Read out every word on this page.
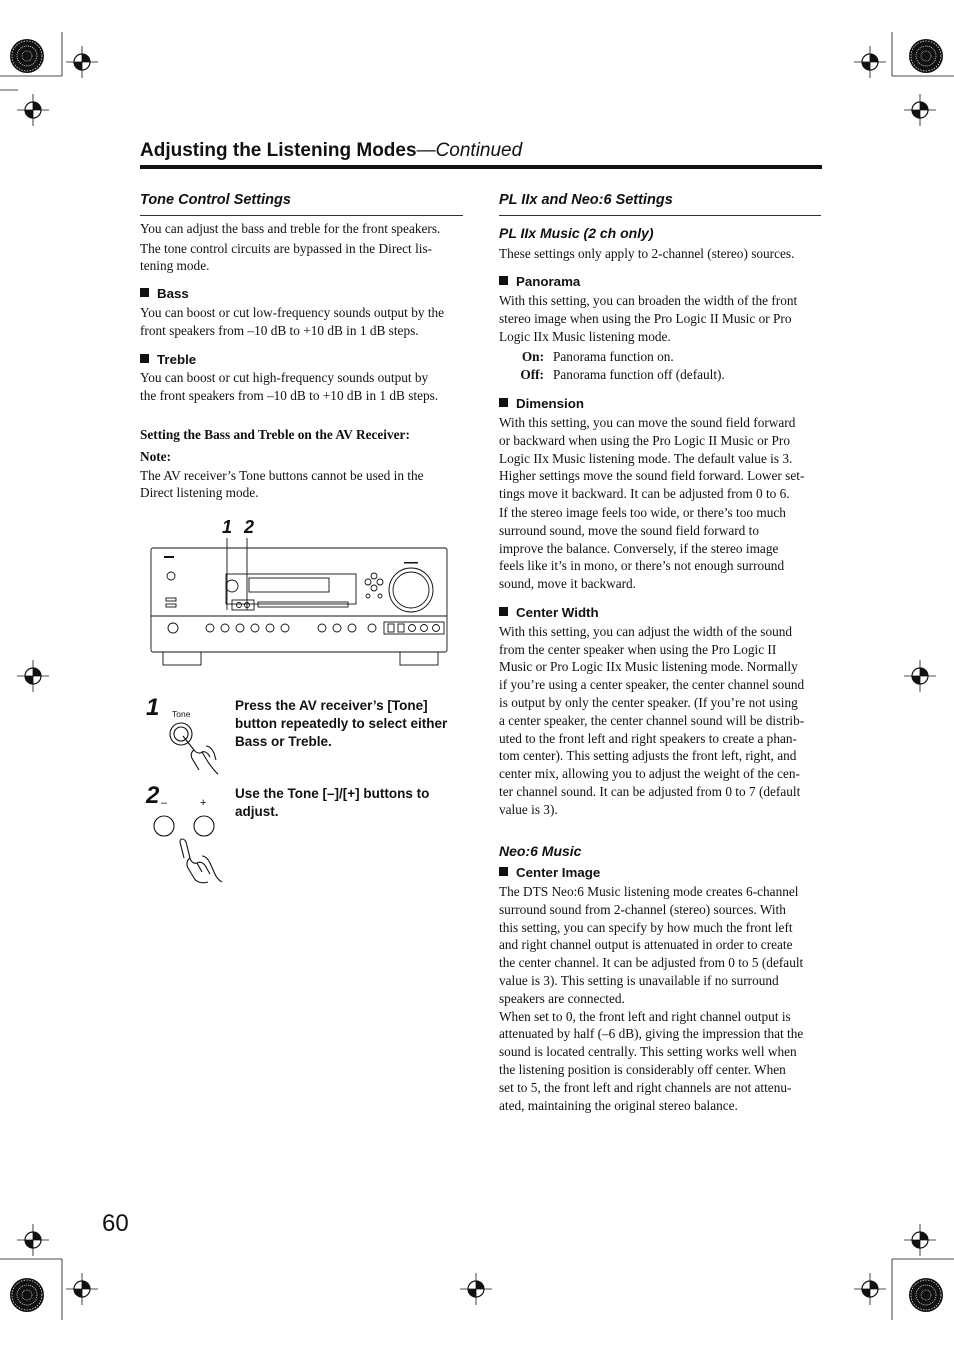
Adjusting the Listening Modes—Continued
Tone Control Settings

You can adjust the bass and treble for the front speakers.

The tone control circuits are bypassed in the Direct lis-

tening mode.

Bass

You can boost or cut low-frequency sounds output by the

front speakers from –10 dB to +10 dB in 1 dB steps.

Treble

You can boost or cut high-frequency sounds output by

the front speakers from –10 dB to +10 dB in 1 dB steps.

Setting the Bass and Treble on the AV Receiver:

Note:

The AV receiver’s Tone buttons cannot be used in the

Direct listening mode.

1 2
1 Tone
Press the AV receiver’s [Tone]
button repeatedly to select either
Bass or Treble.
2 –	+
Use the Tone [–]/[+] buttons to
adjust.
PL IIx and Neo:6 Settings
PL IIx Music (2 ch only)

These settings only apply to 2-channel (stereo) sources.

Panorama

With this setting, you can broaden the width of the front

stereo image when using the Pro Logic II Music or Pro

Logic IIx Music listening mode.

On: Panorama function on.
Off: Panorama function off (default).
Dimension

With this setting, you can move the sound field forward

or backward when using the Pro Logic II Music or Pro

Logic IIx Music listening mode. The default value is 3.

Higher settings move the sound field forward. Lower set-

tings move it backward. It can be adjusted from 0 to 6.

If the stereo image feels too wide, or there’s too much

surround sound, move the sound field forward to

improve the balance. Conversely, if the stereo image

feels like it’s in mono, or there’s not enough surround

sound, move it backward.

Center Width

With this setting, you can adjust the width of the sound

from the center speaker when using the Pro Logic II

Music or Pro Logic IIx Music listening mode. Normally

if you’re using a center speaker, the center channel sound

is output by only the center speaker. (If you’re not using

a center speaker, the center channel sound will be distrib-

uted to the front left and right speakers to create a phan-

tom center). This setting adjusts the front left, right, and

center mix, allowing you to adjust the weight of the cen-

ter channel sound. It can be adjusted from 0 to 7 (default

value is 3).

Neo:6 Music
Center Image

The DTS Neo:6 Music listening mode creates 6-channel

surround sound from 2-channel (stereo) sources. With

this setting, you can specify by how much the front left

and right channel output is attenuated in order to create

the center channel. It can be adjusted from 0 to 5 (default

value is 3). This setting is unavailable if no surround

speakers are connected.

When set to 0, the front left and right channel output is

attenuated by half (–6 dB), giving the impression that the

sound is located centrally. This setting works well when

the listening position is considerably off center. When

set to 5, the front left and right channels are not attenu-

ated, maintaining the original stereo balance.

60
